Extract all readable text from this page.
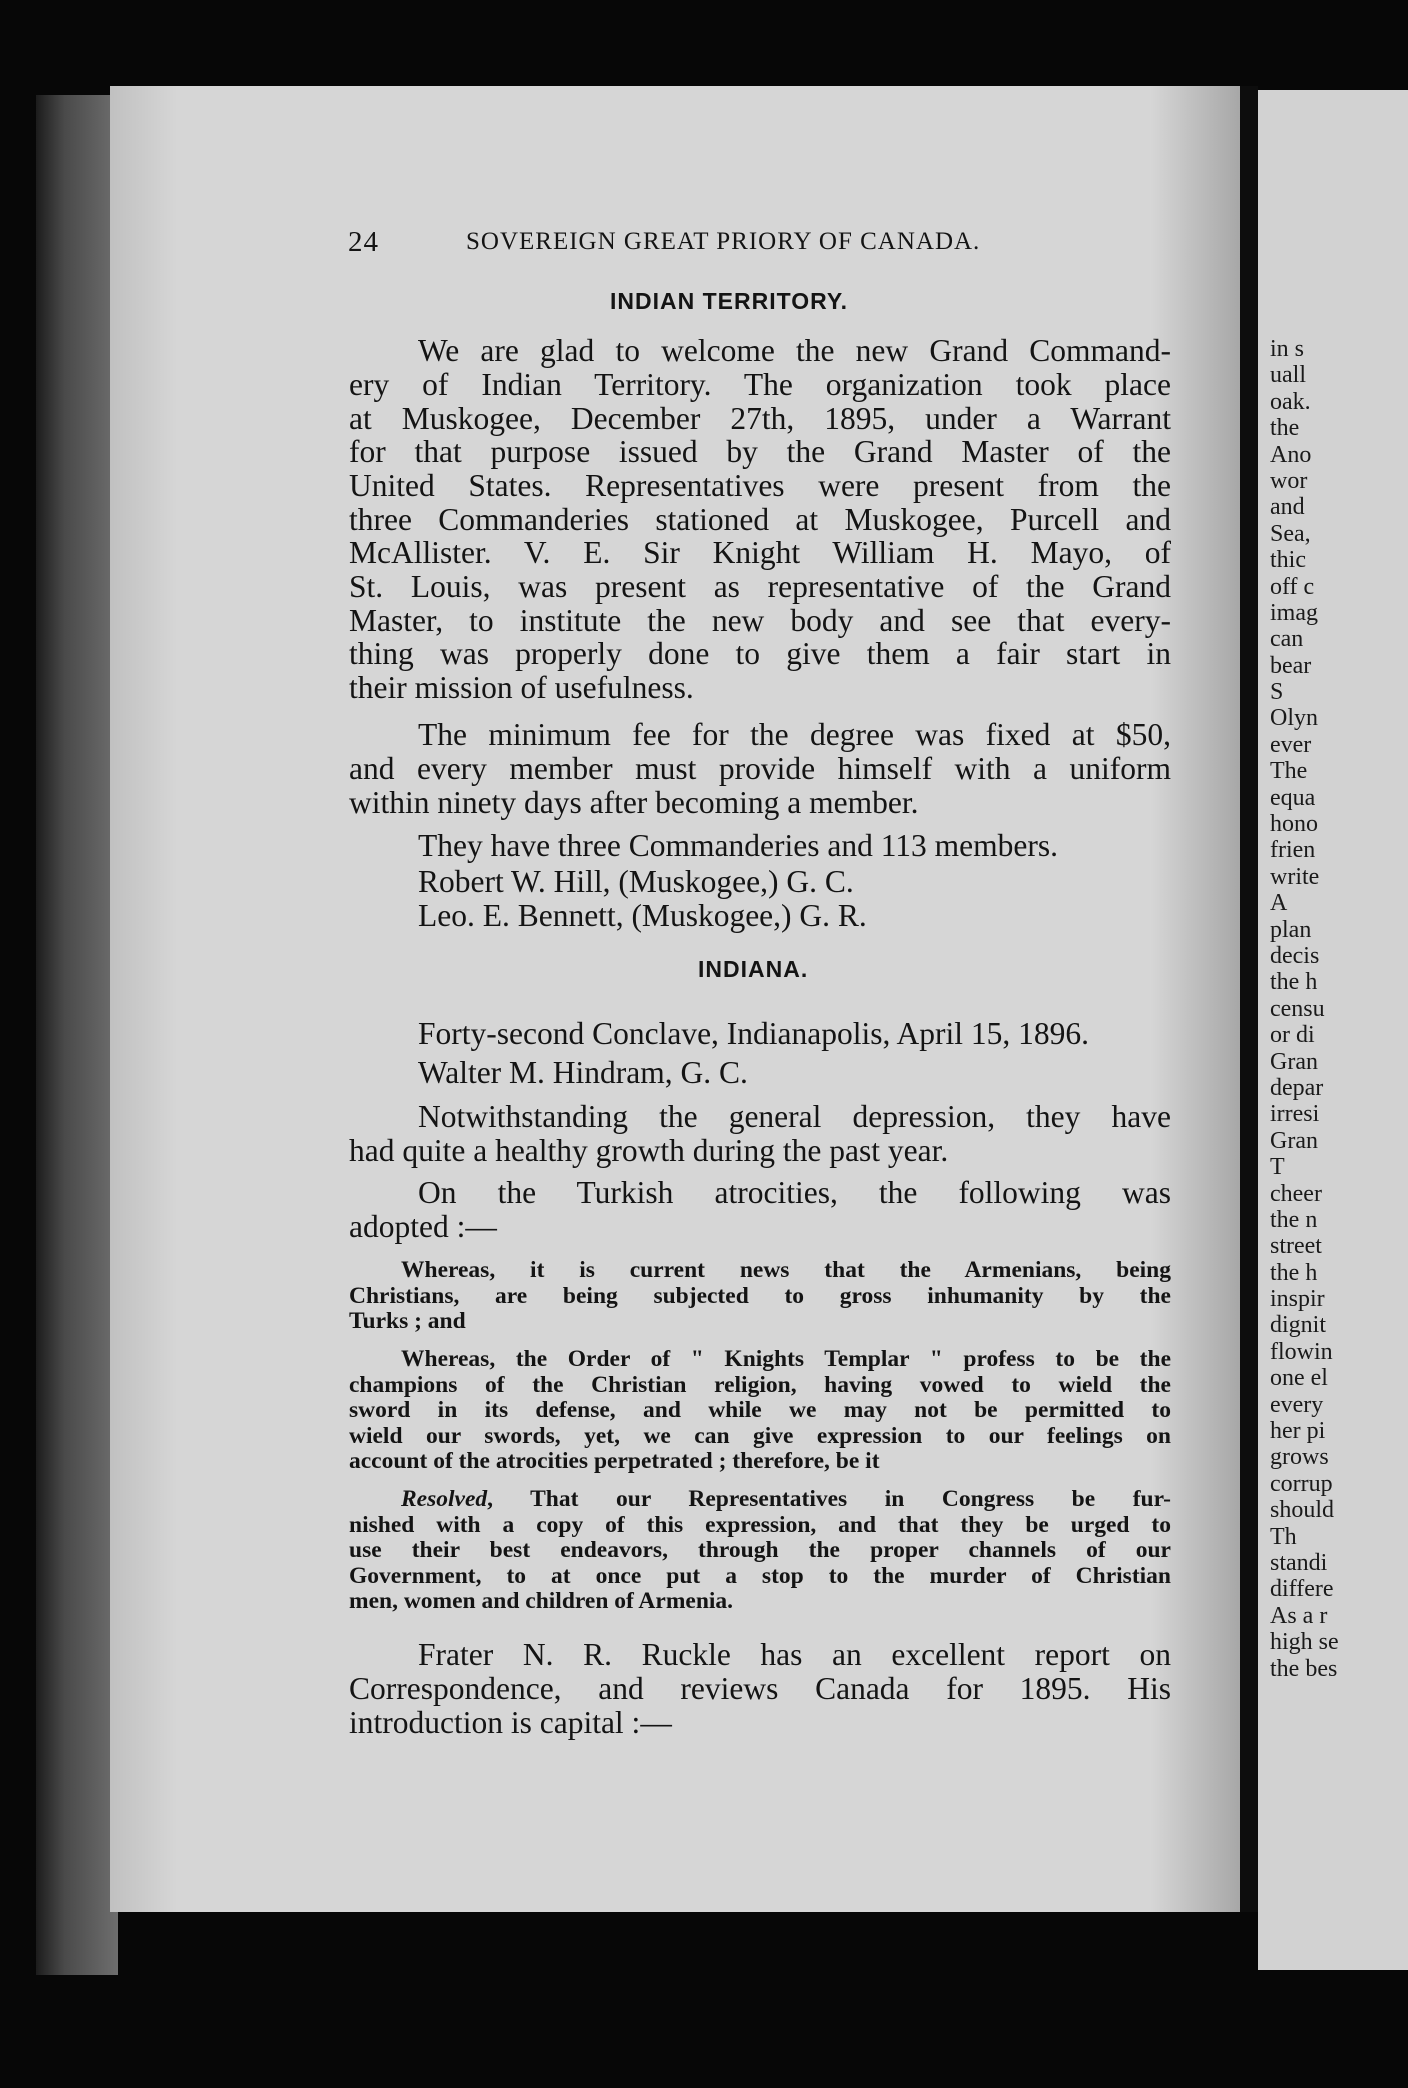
in s
uall
oak.
the
Ano
wor
and
Sea,
thic
off c
imag
can
bear
S
Olyn
ever
The
equa
hono
frien
write
A
plan
decis
the h
censu
or di
Gran
depar
irresi
Gran
T
cheer
the n
street
the h
inspir
dignit
flowin
one el
every
her pi
grows
corrup
should
Th
standi
differe
As a r
high se
the bes
24	SOVEREIGN GREAT PRIORY OF CANADA.
INDIAN TERRITORY.
We are glad to welcome the new Grand Command-
ery of Indian Territory. The organization took place
at Muskogee, December 27th, 1895, under a Warrant
for that purpose issued by the Grand Master of the
United States. Representatives were present from the
three Commanderies stationed at Muskogee, Purcell and
McAllister. V. E. Sir Knight William H. Mayo, of
St. Louis, was present as representative of the Grand
Master, to institute the new body and see that every-
thing was properly done to give them a fair start in
their mission of usefulness.
The minimum fee for the degree was fixed at $50,
and every member must provide himself with a uniform
within ninety days after becoming a member.
They have three Commanderies and 113 members.
Robert W. Hill, (Muskogee,) G. C.
Leo. E. Bennett, (Muskogee,) G. R.
INDIANA.
Forty-second Conclave, Indianapolis, April 15, 1896.
Walter M. Hindram, G. C.
Notwithstanding the general depression, they have
had quite a healthy growth during the past year.
On the Turkish atrocities, the following was
adopted :—
Whereas, it is current news that the Armenians, being
Christians, are being subjected to gross inhumanity by the
Turks ; and
Whereas, the Order of " Knights Templar " profess to be the
champions of the Christian religion, having vowed to wield the
sword in its defense, and while we may not be permitted to
wield our swords, yet, we can give expression to our feelings on
account of the atrocities perpetrated ; therefore, be it
Resolved, That our Representatives in Congress be fur-
nished with a copy of this expression, and that they be urged to
use their best endeavors, through the proper channels of our
Government, to at once put a stop to the murder of Christian
men, women and children of Armenia.
Frater N. R. Ruckle has an excellent report on
Correspondence, and reviews Canada for 1895. His
introduction is capital :—
